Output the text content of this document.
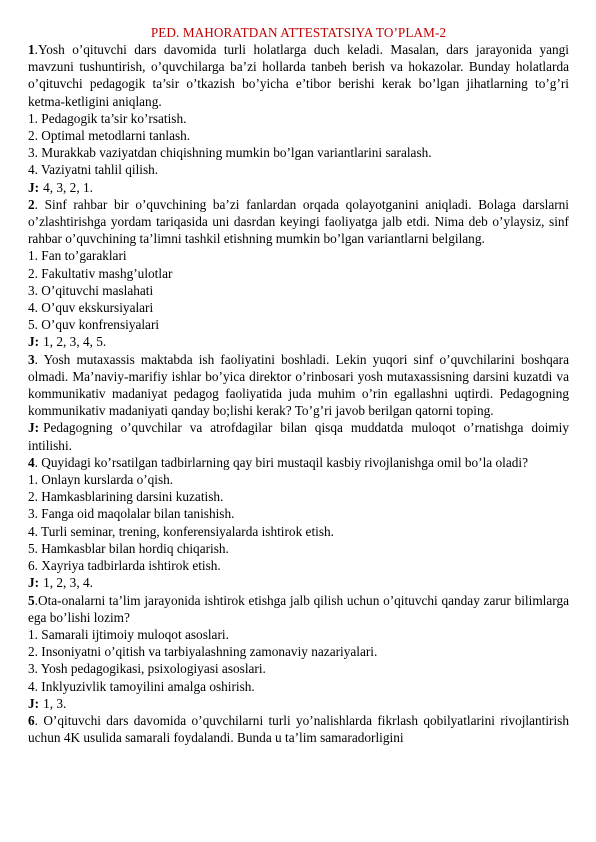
PED. MAHORATDAN ATTESTATSIYA TO’PLAM-2

1.Yosh o’qituvchi dars davomida turli holatlarga duch keladi. Masalan, dars jarayonida yangi mavzuni tushuntirish, o’quvchilarga ba’zi hollarda tanbeh berish va hokazolar. Bunday holatlarda o’qituvchi pedagogik ta’sir o’tkazish bo’yicha e’tibor berishi kerak bo’lgan jihatlarning to’g’ri ketma-ketligini aniqlang.

1. Pedagogik ta’sir ko’rsatish.

2. Optimal metodlarni tanlash.

3. Murakkab vaziyatdan chiqishning mumkin bo’lgan variantlarini saralash.

4. Vaziyatni tahlil qilish.

J: 4, 3, 2, 1.

2. Sinf rahbar bir o’quvchining ba’zi fanlardan orqada qolayotganini aniqladi. Bolaga darslarni o’zlashtirishga yordam tariqasida uni dasrdan keyingi faoliyatga jalb etdi. Nima deb o’ylaysiz, sinf rahbar o’quvchining ta’limni tashkil etishning mumkin bo’lgan variantlarni belgilang.

1. Fan to’garaklari

2. Fakultativ mashg’ulotlar

3. O’qituvchi maslahati

4. O’quv ekskursiyalari

5. O’quv konfrensiyalari

J: 1, 2, 3, 4, 5.

3. Yosh mutaxassis maktabda ish faoliyatini boshladi. Lekin yuqori sinf o’quvchilarini boshqara olmadi. Ma’naviy-marifiy ishlar bo’yica direktor o’rinbosari yosh mutaxassisning darsini kuzatdi va kommunikativ madaniyat pedagog faoliyatida juda muhim o’rin egallashni uqtirdi. Pedagogning kommunikativ madaniyati qanday bo;lishi kerak? To’g’ri javob berilgan qatorni toping.

J: Pedagogning o’quvchilar va atrofdagilar bilan qisqa muddatda muloqot o’rnatishga doimiy intilishi.

4. Quyidagi ko’rsatilgan tadbirlarning qay biri mustaqil kasbiy rivojlanishga omil bo’la oladi?

1. Onlayn kurslarda o’qish.

2. Hamkasblarining darsini kuzatish.

3. Fanga oid maqolalar bilan tanishish.

4. Turli seminar, trening, konferensiyalarda ishtirok etish.

5. Hamkasblar bilan hordiq chiqarish.

6. Xayriya tadbirlarda ishtirok etish.

J: 1, 2, 3, 4.

5.Ota-onalarni ta’lim jarayonida ishtirok etishga jalb qilish uchun o’qituvchi qanday zarur bilimlarga ega bo’lishi lozim?

1. Samarali ijtimoiy muloqot asoslari.

2. Insoniyatni o’qitish va tarbiyalashning zamonaviy nazariyalari.

3. Yosh pedagogikasi, psixologiyasi asoslari.

4. Inklyuzivlik tamoyilini amalga oshirish.

J: 1, 3.

6. O’qituvchi dars davomida o’quvchilarni turli yo’nalishlarda fikrlash qobilyatlarini rivojlantirish uchun 4K usulida samarali foydalandi. Bunda u ta’lim samaradorligini
